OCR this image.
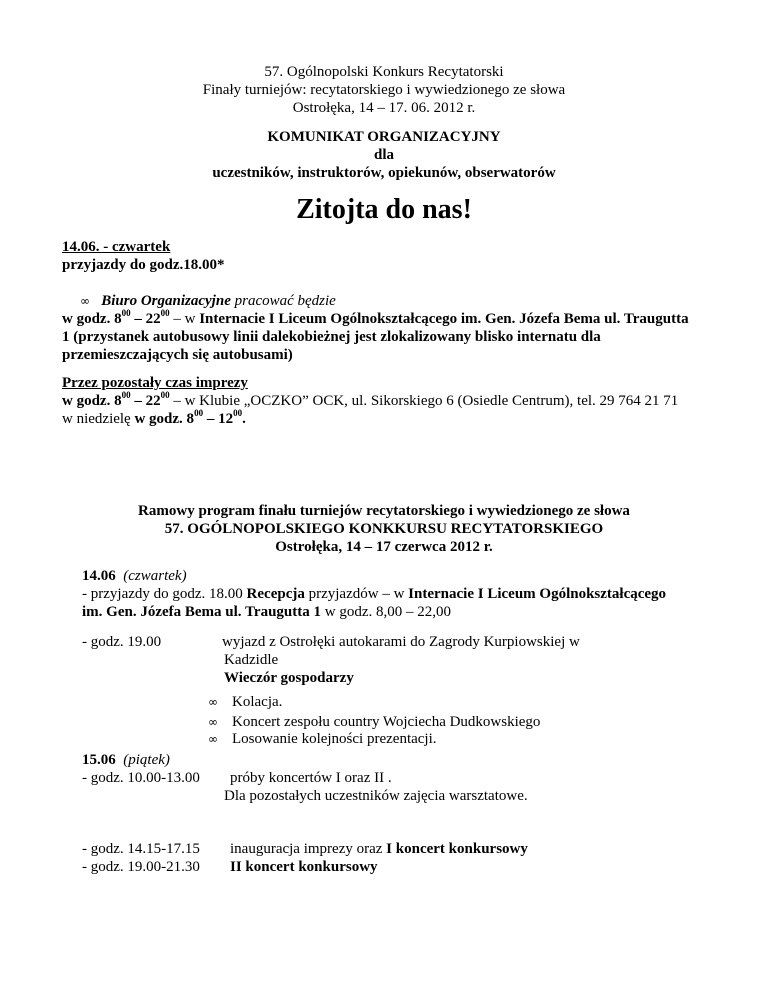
57. Ogólnopolski Konkurs Recytatorski
Finały turniejów: recytatorskiego i wywiedzionego ze słowa
Ostrołęka, 14 – 17. 06. 2012 r.
KOMUNIKAT ORGANIZACYJNY
dla
uczestników, instruktorów, opiekunów, obserwatorów
Zitojta do nas!
14.06. - czwartek
przyjazdy do godz.18.00*
∞ Biuro Organizacyjne pracować będzie
w godz. $8^{00} - 22^{00}$ – w Internacie I Liceum Ogólnokształcącego im. Gen. Józefa Bema ul. Traugutta
1 (przystanek autobusowy linii dalekobieżnej jest zlokalizowany blisko internatu dla
przemieszczających się autobusami)
Przez pozostały czas imprezy
w godz. $8^{00} - 22^{00}$ – w Klubie „OCZKO” OCK, ul. Sikorskiego 6 (Osiedle Centrum), tel. 29 764 21 71
w niedzielę w godz. $8^{00} - 12^{00}$.
Ramowy program finału turniejów recytatorskiego i wywiedzionego ze słowa
57. OGÓLNOPOLSKIEGO KONKKURSU RECYTATORSKIEGO
Ostrołęka, 14 – 17 czerwca 2012 r.
14.06 (czwartek)
- przyjazdy do godz. 18.00 Recepcja przyjazdów – w Internacie I Liceum Ogólnokształcącego
im. Gen. Józefa Bema ul. Traugutta 1 w godz. 8,00 – 22,00
- godz. 19.00	wyjazd z Ostrołęki autokarami do Zagrody Kurpiowskiej w
Kadzidle
Wieczór gospodarzy
∞ Kolacja.
∞ Koncert zespołu country Wojciecha Dudkowskiego
∞ Losowanie kolejności prezentacji.
15.06 (piątek)
- godz. 10.00-13.00 próby koncertów I oraz II .
Dla pozostałych uczestników zajęcia warsztatowe.
- godz. 14.15-17.15 inauguracja imprezy oraz I koncert konkursowy
- godz. 19.00-21.30 II koncert konkursowy
